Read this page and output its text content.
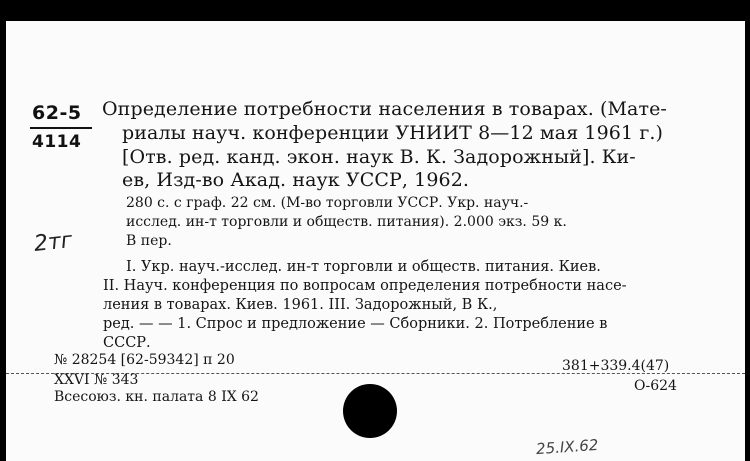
62-5
4114
2тг
Определение потребности населения в товарах. (Мате-
риалы науч. конференции УНИИТ 8—12 мая 1961 г.)
[Отв. ред. канд. экон. наук В. К. Задорожный]. Ки-
ев, Изд-во Акад. наук УССР, 1962.
280 с. с граф. 22 см. (М-во торговли УССР. Укр. науч.-
исслед. ин-т торговли и обществ. питания). 2.000 экз. 59 к.
В пер.
I. Укр. науч.-исслед. ин-т торговли и обществ. питания. Киев.
II. Науч. конференция по вопросам определения потребности насе-
ления в товарах. Киев. 1961. III. Задорожный, В К.,
ред. — — 1. Спрос и предложение — Сборники. 2. Потребление в
СССР.
№ 28254 [62-59342] п 20
XXVI № 343
Всесоюз. кн. палата 8 IX 62
381+339.4(47)
О-624
25.IX.62
